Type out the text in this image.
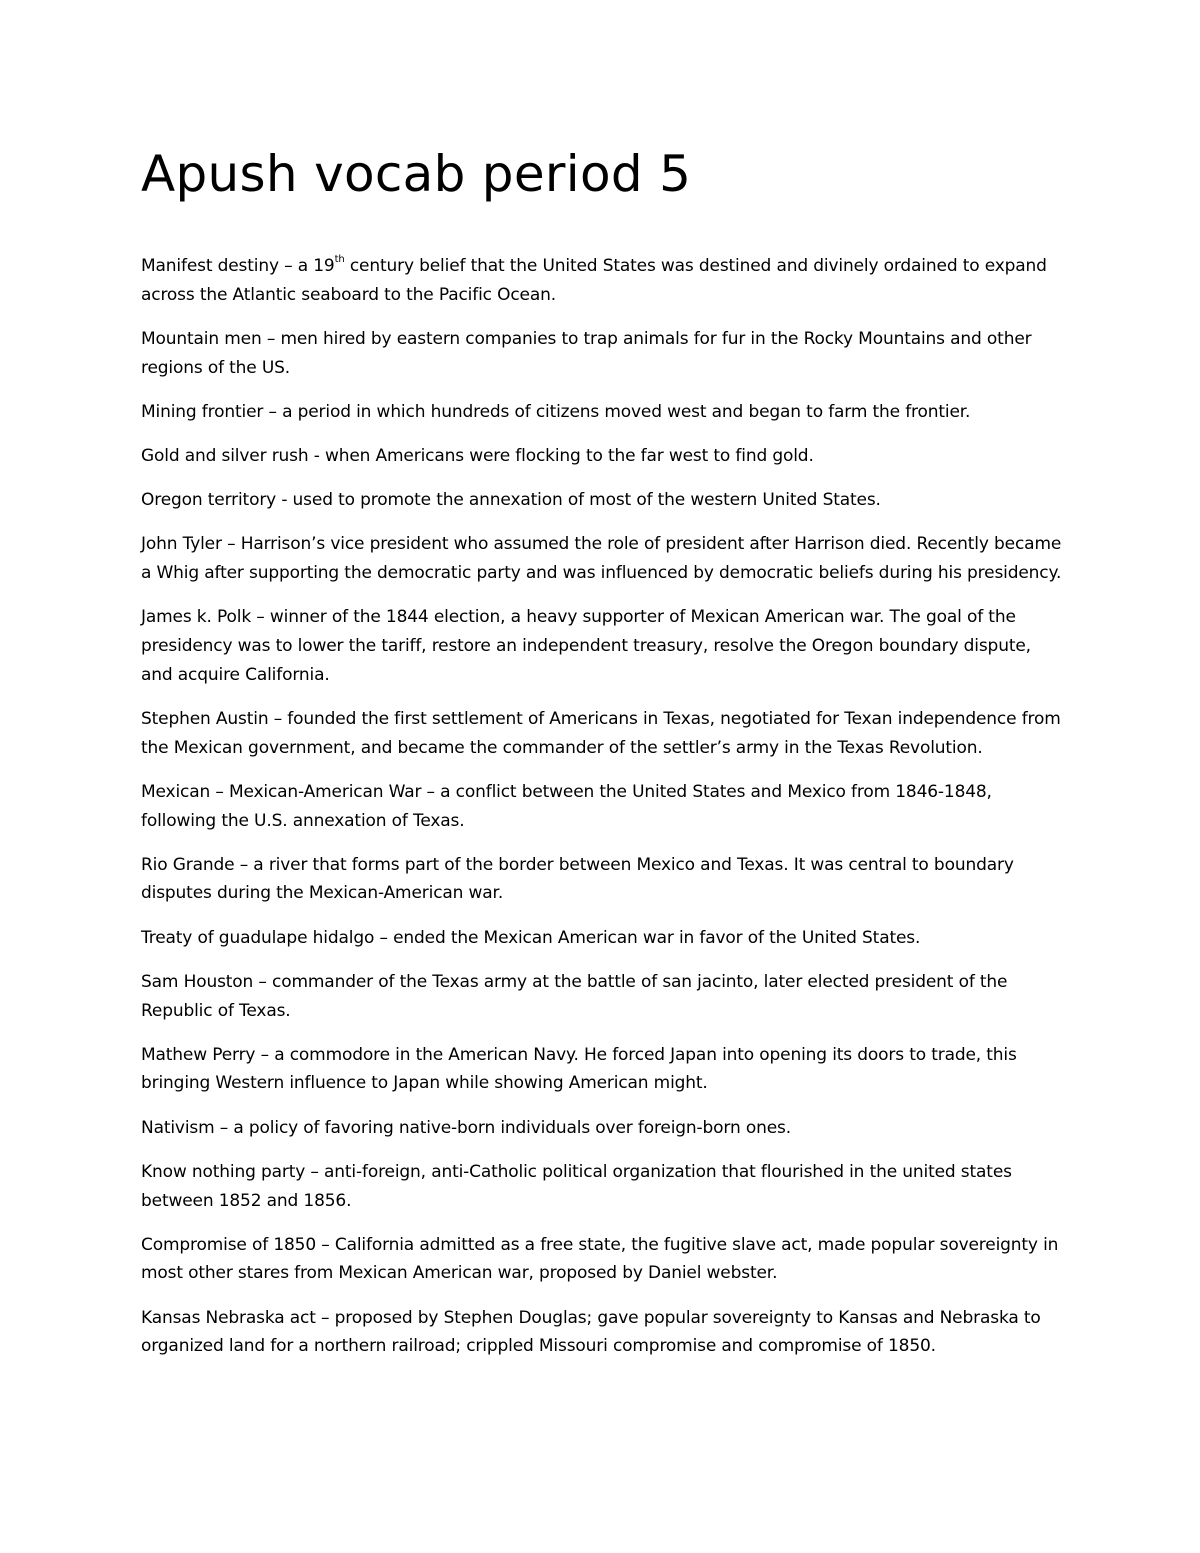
Apush vocab period 5

Manifest destiny – a 19th century belief that the United States was destined and divinely ordained to expand across the Atlantic seaboard to the Pacific Ocean.

Mountain men – men hired by eastern companies to trap animals for fur in the Rocky Mountains and other regions of the US.

Mining frontier – a period in which hundreds of citizens moved west and began to farm the frontier.

Gold and silver rush - when Americans were flocking to the far west to find gold.

Oregon territory - used to promote the annexation of most of the western United States.

John Tyler – Harrison’s vice president who assumed the role of president after Harrison died. Recently became a Whig after supporting the democratic party and was influenced by democratic beliefs during his presidency.

James k. Polk – winner of the 1844 election, a heavy supporter of Mexican American war. The goal of the presidency was to lower the tariff, restore an independent treasury, resolve the Oregon boundary dispute, and acquire California.

Stephen Austin – founded the first settlement of Americans in Texas, negotiated for Texan independence from the Mexican government, and became the commander of the settler’s army in the Texas Revolution.

Mexican – Mexican-American War – a conflict between the United States and Mexico from 1846-1848, following the U.S. annexation of Texas.

Rio Grande – a river that forms part of the border between Mexico and Texas. It was central to boundary disputes during the Mexican-American war.

Treaty of guadulape hidalgo – ended the Mexican American war in favor of the United States.

Sam Houston – commander of the Texas army at the battle of san jacinto, later elected president of the Republic of Texas.

Mathew Perry – a commodore in the American Navy. He forced Japan into opening its doors to trade, this bringing Western influence to Japan while showing American might.

Nativism – a policy of favoring native-born individuals over foreign-born ones.

Know nothing party – anti-foreign, anti-Catholic political organization that flourished in the united states between 1852 and 1856.

Compromise of 1850 – California admitted as a free state, the fugitive slave act, made popular sovereignty in most other stares from Mexican American war, proposed by Daniel webster.

Kansas Nebraska act – proposed by Stephen Douglas; gave popular sovereignty to Kansas and Nebraska to organized land for a northern railroad; crippled Missouri compromise and compromise of 1850.
